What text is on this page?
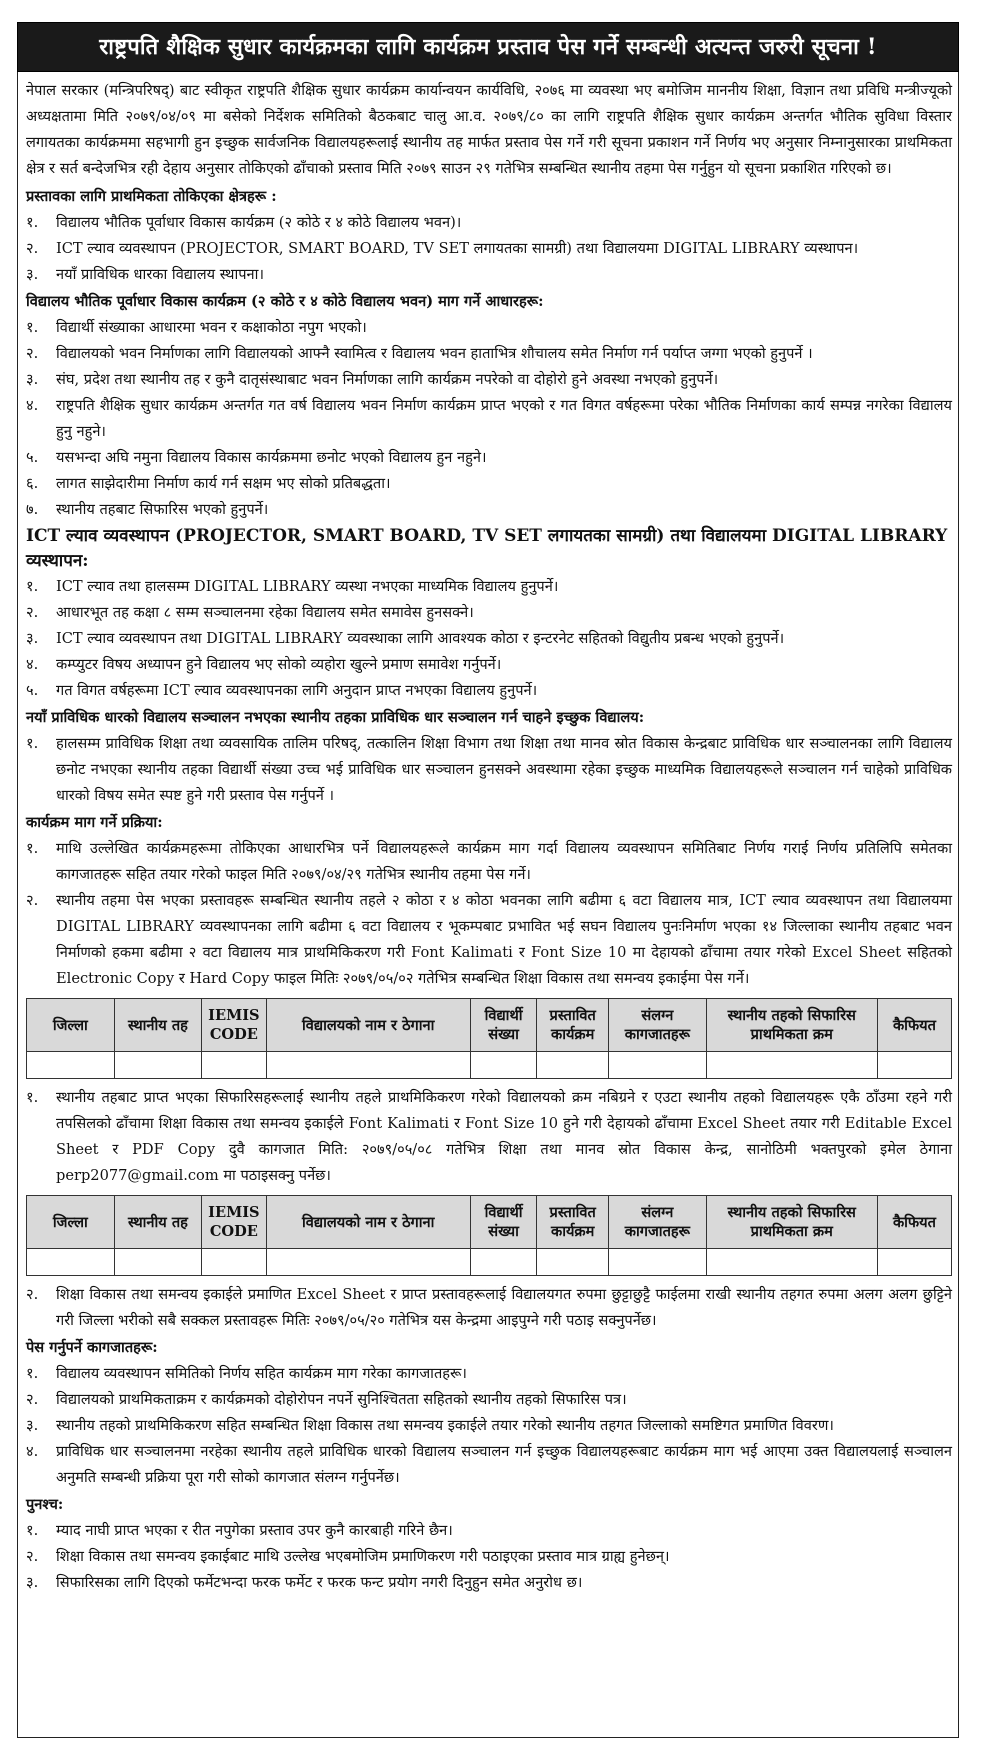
राष्ट्रपति शैक्षिक सुधार कार्यक्रमका लागि कार्यक्रम प्रस्ताव पेस गर्ने सम्बन्धी अत्यन्त जरुरी सूचना !

नेपाल सरकार (मन्त्रिपरिषद्) बाट स्वीकृत राष्ट्रपति शैक्षिक सुधार कार्यक्रम कार्यान्वयन कार्यविधि, २०७६ मा व्यवस्था भए बमोजिम माननीय शिक्षा, विज्ञान तथा प्रविधि मन्त्रीज्यूको अध्यक्षतामा मिति २०७९/०४/०९ मा बसेको निर्देशक समितिको बैठकबाट चालु आ.व. २०७९/८० का लागि राष्ट्रपति शैक्षिक सुधार कार्यक्रम अन्तर्गत भौतिक सुविधा विस्तार लगायतका कार्यक्रममा सहभागी हुन इच्छुक सार्वजनिक विद्यालयहरूलाई स्थानीय तह मार्फत प्रस्ताव पेस गर्ने गरी सूचना प्रकाशन गर्ने निर्णय भए अनुसार निम्नानुसारका प्राथमिकता क्षेत्र र सर्त बन्देजभित्र रही देहाय अनुसार तोकिएको ढाँचाको प्रस्ताव मिति २०७९ साउन २९ गतेभित्र सम्बन्धित स्थानीय तहमा पेस गर्नुहुन यो सूचना प्रकाशित गरिएको छ।

प्रस्तावका लागि प्राथमिकता तोकिएका क्षेत्रहरू :
१.	विद्यालय भौतिक पूर्वाधार विकास कार्यक्रम (२ कोठे र ४ कोठे विद्यालय भवन)।
२.	ICT ल्याव व्यवस्थापन (PROJECTOR, SMART BOARD, TV SET लगायतका सामग्री) तथा विद्यालयमा DIGITAL LIBRARY व्यस्थापन।
३.	नयाँ प्राविधिक धारका विद्यालय स्थापना।
विद्यालय भौतिक पूर्वाधार विकास कार्यक्रम (२ कोठे र ४ कोठे विद्यालय भवन) माग गर्ने आधारहरू:
१.	विद्यार्थी संख्याका आधारमा भवन र कक्षाकोठा नपुग भएको।
२.	विद्यालयको भवन निर्माणका लागि विद्यालयको आफ्नै स्वामित्व र विद्यालय भवन हाताभित्र शौचालय समेत निर्माण गर्न पर्याप्त जग्गा भएको हुनुपर्ने ।
३.	संघ, प्रदेश तथा स्थानीय तह र कुनै दातृसंस्थाबाट भवन निर्माणका लागि कार्यक्रम नपरेको वा दोहोरो हुने अवस्था नभएको हुनुपर्ने।
४.	राष्ट्रपति शैक्षिक सुधार कार्यक्रम अन्तर्गत गत वर्ष विद्यालय भवन निर्माण कार्यक्रम प्राप्त भएको र गत विगत वर्षहरूमा परेका भौतिक निर्माणका कार्य सम्पन्न नगरेका विद्यालय हुनु नहुने।
५.	यसभन्दा अघि नमुना विद्यालय विकास कार्यक्रममा छनोट भएको विद्यालय हुन नहुने।
६.	लागत साझेदारीमा निर्माण कार्य गर्न सक्षम भए सोको प्रतिबद्धता।
७.	स्थानीय तहबाट सिफारिस भएको हुनुपर्ने।
ICT ल्याव व्यवस्थापन (PROJECTOR, SMART BOARD, TV SET लगायतका सामग्री) तथा विद्यालयमा DIGITAL LIBRARY व्यस्थापन:
१.	ICT ल्याव तथा हालसम्म DIGITAL LIBRARY व्यस्था नभएका माध्यमिक विद्यालय हुनुपर्ने।
२.	आधारभूत तह कक्षा ८ सम्म सञ्चालनमा रहेका विद्यालय समेत समावेस हुनसक्ने।
३.	ICT ल्याव व्यवस्थापन तथा DIGITAL LIBRARY व्यवस्थाका लागि आवश्यक कोठा र इन्टरनेट सहितको विद्युतीय प्रबन्ध भएको हुनुपर्ने।
४.	कम्प्युटर विषय अध्यापन हुने विद्यालय भए सोको व्यहोरा खुल्ने प्रमाण समावेश गर्नुपर्ने।
५.	गत विगत वर्षहरूमा ICT ल्याव व्यवस्थापनका लागि अनुदान प्राप्त नभएका विद्यालय हुनुपर्ने।
नयाँ प्राविधिक धारको विद्यालय सञ्चालन नभएका स्थानीय तहका प्राविधिक धार सञ्चालन गर्न चाहने इच्छुक विद्यालय:
१.	हालसम्म प्राविधिक शिक्षा तथा व्यवसायिक तालिम परिषद्, तत्कालिन शिक्षा विभाग तथा शिक्षा तथा मानव स्रोत विकास केन्द्रबाट प्राविधिक धार सञ्चालनका लागि विद्यालय छनोट नभएका स्थानीय तहका विद्यार्थी संख्या उच्च भई प्राविधिक धार सञ्चालन हुनसक्ने अवस्थामा रहेका इच्छुक माध्यमिक विद्यालयहरूले सञ्चालन गर्न चाहेको प्राविधिक धारको विषय समेत स्पष्ट हुने गरी प्रस्ताव पेस गर्नुपर्ने ।
कार्यक्रम माग गर्ने प्रक्रिया:
१.	माथि उल्लेखित कार्यक्रमहरूमा तोकिएका आधारभित्र पर्ने विद्यालयहरूले कार्यक्रम माग गर्दा विद्यालय व्यवस्थापन समितिबाट निर्णय गराई निर्णय प्रतिलिपि समेतका कागजातहरू सहित तयार गरेको फाइल मिति २०७९/०४/२९ गतेभित्र स्थानीय तहमा पेस गर्ने।
२.	स्थानीय तहमा पेस भएका प्रस्तावहरू सम्बन्धित स्थानीय तहले २ कोठा र ४ कोठा भवनका लागि बढीमा ६ वटा विद्यालय मात्र, ICT ल्याव व्यवस्थापन तथा विद्यालयमा DIGITAL LIBRARY व्यवस्थापनका लागि बढीमा ६ वटा विद्यालय र भूकम्पबाट प्रभावित भई सघन विद्यालय पुनःनिर्माण भएका १४ जिल्लाका स्थानीय तहबाट भवन निर्माणको हकमा बढीमा २ वटा विद्यालय मात्र प्राथमिकिकरण गरी Font Kalimati र Font Size 10 मा देहायको ढाँचामा तयार गरेको Excel Sheet सहितको Electronic Copy र Hard Copy फाइल मितिः २०७९/०५/०२ गतेभित्र सम्बन्धित शिक्षा विकास तथा समन्वय इकाईमा पेस गर्ने।
जिल्ला	स्थानीय तह	IEMIS CODE	विद्यालयको नाम र ठेगाना	विद्यार्थी संख्या	प्रस्तावित कार्यक्रम	संलग्न कागजातहरू	स्थानीय तहको सिफारिस प्राथमिकता क्रम	कैफियत

१.	स्थानीय तहबाट प्राप्त भएका सिफारिसहरूलाई स्थानीय तहले प्राथमिकिकरण गरेको विद्यालयको क्रम नबिग्रने र एउटा स्थानीय तहको विद्यालयहरू एकै ठाँउमा रहने गरी तपसिलको ढाँचामा शिक्षा विकास तथा समन्वय इकाईले Font Kalimati र Font Size 10 हुने गरी देहायको ढाँचामा Excel Sheet तयार गरी Editable Excel Sheet र PDF Copy दुवै कागजात मिति: २०७९/०५/०८ गतेभित्र शिक्षा तथा मानव स्रोत विकास केन्द्र, सानोठिमी भक्तपुरको इमेल ठेगाना perp2077@gmail.com मा पठाइसक्नु पर्नेछ।
जिल्ला	स्थानीय तह	IEMIS CODE	विद्यालयको नाम र ठेगाना	विद्यार्थी संख्या	प्रस्तावित कार्यक्रम	संलग्न कागजातहरू	स्थानीय तहको सिफारिस प्राथमिकता क्रम	कैफियत

२.	शिक्षा विकास तथा समन्वय इकाईले प्रमाणित Excel Sheet र प्राप्त प्रस्तावहरूलाई विद्यालयगत रुपमा छुट्टाछुट्टै फाईलमा राखी स्थानीय तहगत रुपमा अलग अलग छुट्टिने गरी जिल्ला भरीको सबै सक्कल प्रस्तावहरू मितिः २०७९/०५/२० गतेभित्र यस केन्द्रमा आइपुग्ने गरी पठाइ सक्नुपर्नेछ।
पेस गर्नुपर्ने कागजातहरू:
१.	विद्यालय व्यवस्थापन समितिको निर्णय सहित कार्यक्रम माग गरेका कागजातहरू।
२.	विद्यालयको प्राथमिकताक्रम र कार्यक्रमको दोहोरोपन नपर्ने सुनिश्चितता सहितको स्थानीय तहको सिफारिस पत्र।
३.	स्थानीय तहको प्राथमिकिकरण सहित सम्बन्धित शिक्षा विकास तथा समन्वय इकाईले तयार गरेको स्थानीय तहगत जिल्लाको समष्टिगत प्रमाणित विवरण।
४.	प्राविधिक धार सञ्चालनमा नरहेका स्थानीय तहले प्राविधिक धारको विद्यालय सञ्चालन गर्न इच्छुक विद्यालयहरूबाट कार्यक्रम माग भई आएमा उक्त विद्यालयलाई सञ्चालन अनुमति सम्बन्धी प्रक्रिया पूरा गरी सोको कागजात संलग्न गर्नुपर्नेछ।
पुनश्च:
१.	म्याद नाघी प्राप्त भएका र रीत नपुगेका प्रस्ताव उपर कुनै कारबाही गरिने छैन।
२.	शिक्षा विकास तथा समन्वय इकाईबाट माथि उल्लेख भएबमोजिम प्रमाणिकरण गरी पठाइएका प्रस्ताव मात्र ग्राह्य हुनेछन्।
३.	सिफारिसका लागि दिएको फर्मेटभन्दा फरक फर्मेट र फरक फन्ट प्रयोग नगरी दिनुहुन समेत अनुरोध छ।
